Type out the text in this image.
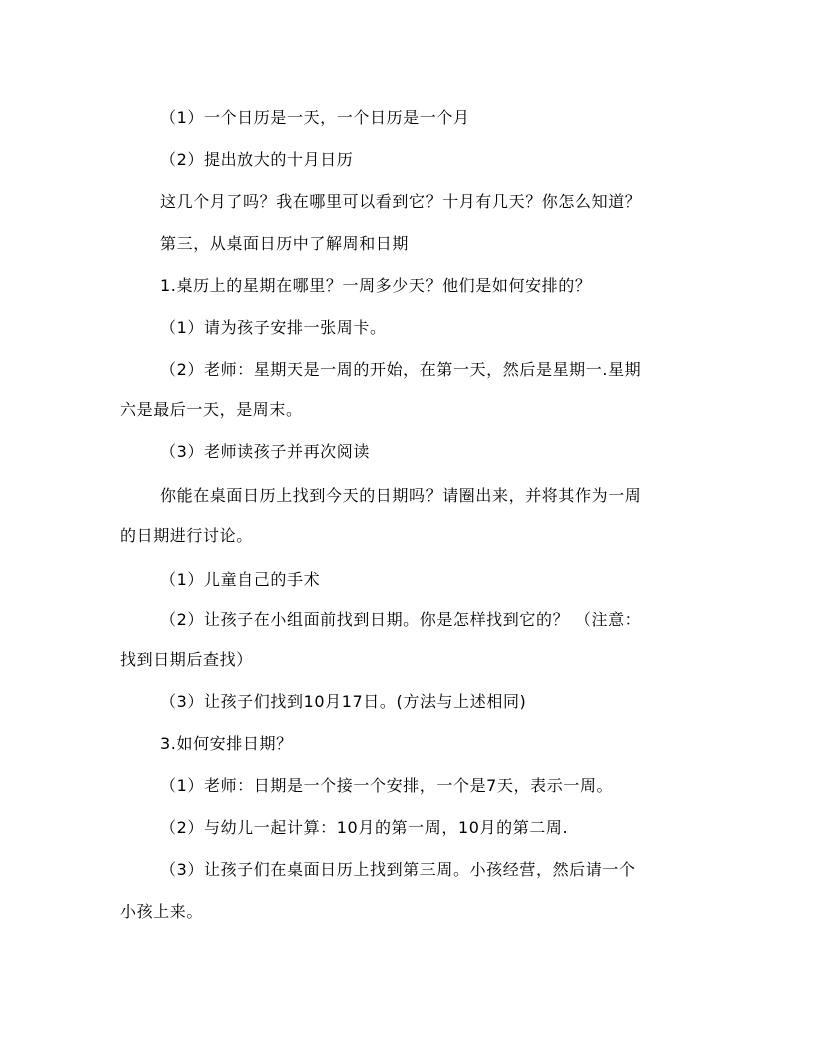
（1）一个日历是一天，一个日历是一个月
（2）提出放大的十月日历
这几个月了吗？我在哪里可以看到它？十月有几天？你怎么知道？
第三，从桌面日历中了解周和日期
1.桌历上的星期在哪里？一周多少天？他们是如何安排的？
（1）请为孩子安排一张周卡。
（2）老师：星期天是一周的开始，在第一天，然后是星期一.星期
六是最后一天，是周末。
（3）老师读孩子并再次阅读
你能在桌面日历上找到今天的日期吗？请圈出来，并将其作为一周
的日期进行讨论。
（1）儿童自己的手术
（2）让孩子在小组面前找到日期。你是怎样找到它的？ （注意：
找到日期后查找）
（3）让孩子们找到10月17日。(方法与上述相同)
3.如何安排日期？
（1）老师：日期是一个接一个安排，一个是7天，表示一周。
（2）与幼儿一起计算：10月的第一周，10月的第二周.
（3）让孩子们在桌面日历上找到第三周。小孩经营，然后请一个
小孩上来。
